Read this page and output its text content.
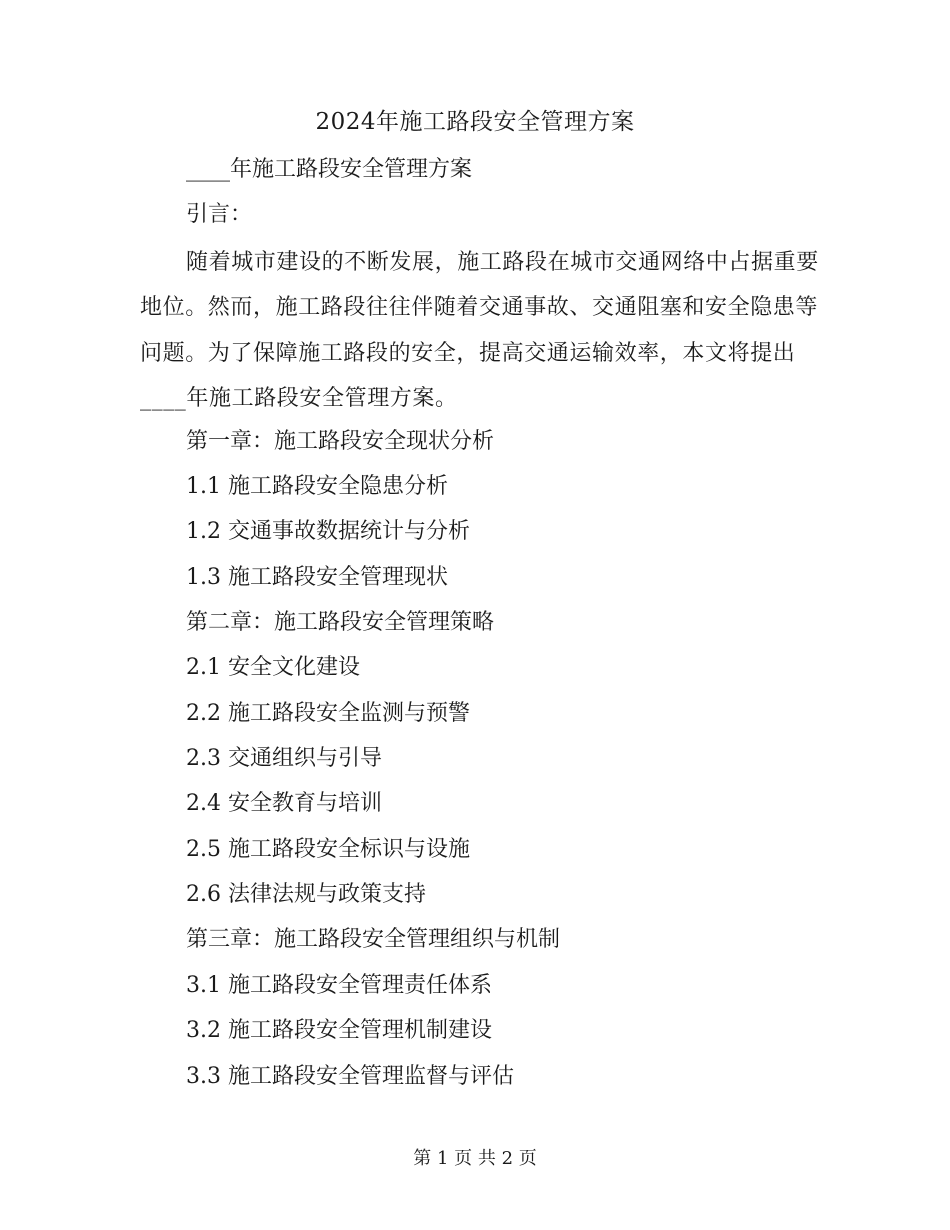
2024年施工路段安全管理方案
____年施工路段安全管理方案
引言：

随着城市建设的不断发展，施工路段在城市交通网络中占据重要地位。然而，施工路段往往伴随着交通事故、交通阻塞和安全隐患等问题。为了保障施工路段的安全，提高交通运输效率，本文将提出____年施工路段安全管理方案。

第一章：施工路段安全现状分析
1.1 施工路段安全隐患分析
1.2 交通事故数据统计与分析
1.3 施工路段安全管理现状
第二章：施工路段安全管理策略
2.1 安全文化建设
2.2 施工路段安全监测与预警
2.3 交通组织与引导
2.4 安全教育与培训
2.5 施工路段安全标识与设施
2.6 法律法规与政策支持
第三章：施工路段安全管理组织与机制
3.1 施工路段安全管理责任体系
3.2 施工路段安全管理机制建设
3.3 施工路段安全管理监督与评估
第 1 页 共 2 页
